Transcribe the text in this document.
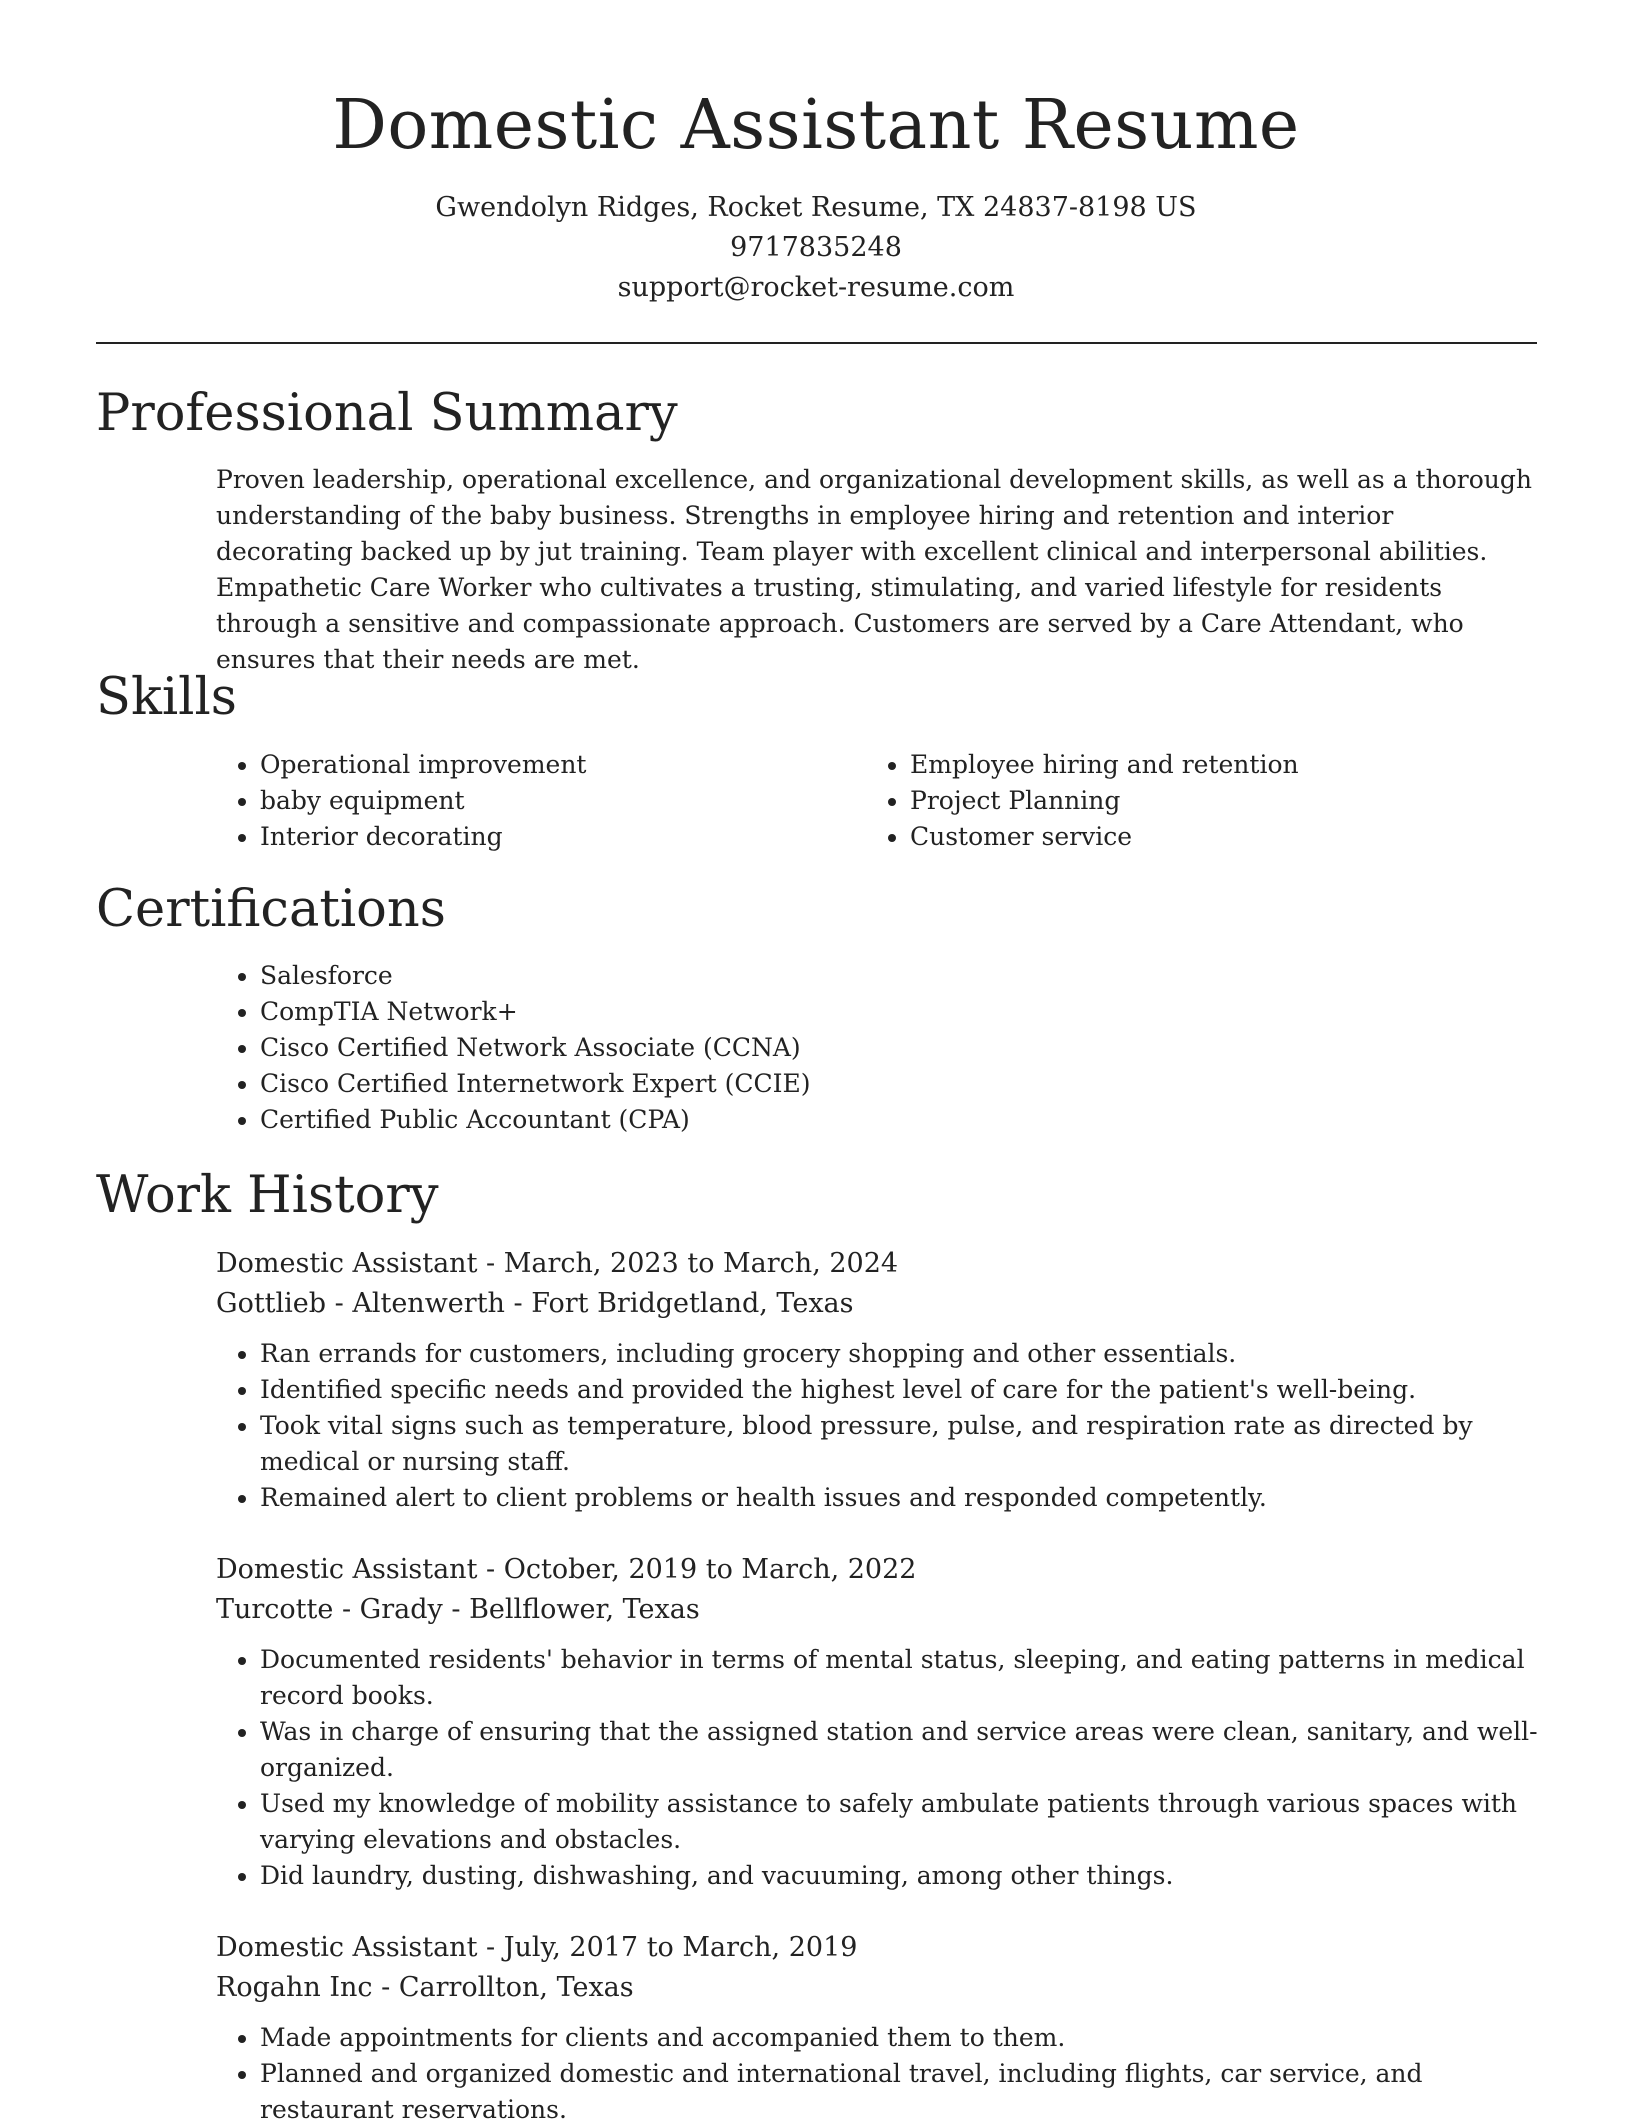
Domestic Assistant Resume
Gwendolyn Ridges, Rocket Resume, TX 24837-8198 US
9717835248
support@rocket-resume.com
Professional Summary

Proven leadership, operational excellence, and organizational development skills, as well as a thorough understanding of the baby business. Strengths in employee hiring and retention and interior decorating backed up by jut training. Team player with excellent clinical and interpersonal abilities. Empathetic Care Worker who cultivates a trusting, stimulating, and varied lifestyle for residents through a sensitive and compassionate approach. Customers are served by a Care Attendant, who ensures that their needs are met.

Skills
• Operational improvement
• baby equipment
• Interior decorating
• Employee hiring and retention
• Project Planning
• Customer service
Certifications
• Salesforce
• CompTIA Network+
• Cisco Certified Network Associate (CCNA)
• Cisco Certified Internetwork Expert (CCIE)
• Certified Public Accountant (CPA)
Work History
Domestic Assistant - March, 2023 to March, 2024
Gottlieb - Altenwerth - Fort Bridgetland, Texas
• Ran errands for customers, including grocery shopping and other essentials.
• Identified specific needs and provided the highest level of care for the patient's well-being.
• Took vital signs such as temperature, blood pressure, pulse, and respiration rate as directed by medical or nursing staff.
• Remained alert to client problems or health issues and responded competently.
Domestic Assistant - October, 2019 to March, 2022
Turcotte - Grady - Bellflower, Texas
• Documented residents' behavior in terms of mental status, sleeping, and eating patterns in medical record books.
• Was in charge of ensuring that the assigned station and service areas were clean, sanitary, and well-organized.
• Used my knowledge of mobility assistance to safely ambulate patients through various spaces with varying elevations and obstacles.
• Did laundry, dusting, dishwashing, and vacuuming, among other things.
Domestic Assistant - July, 2017 to March, 2019
Rogahn Inc - Carrollton, Texas
• Made appointments for clients and accompanied them to them.
• Planned and organized domestic and international travel, including flights, car service, and restaurant reservations.
